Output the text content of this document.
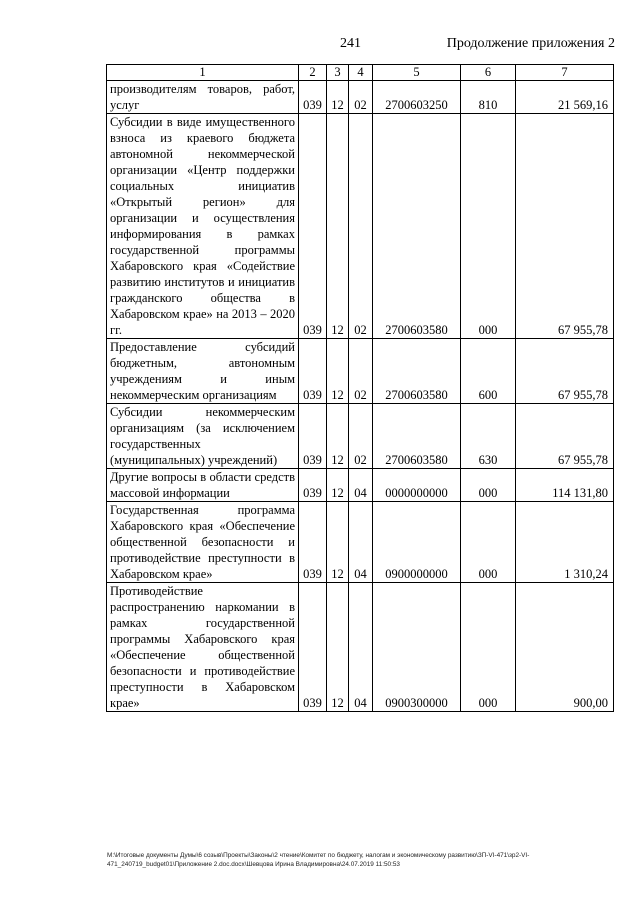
241	Продолжение приложения 2
1	2	3	4	5	6	7
производителям товаров, работ, услуг	039	12	02	2700603250	810	21 569,16
Субсидии в виде имущественного взноса из краевого бюджета автономной некоммерческой организации «Центр поддержки социальных инициатив «Открытый регион» для организации и осуществления информирования в рамках государственной программы Хабаровского края «Содействие развитию институтов и инициатив гражданского общества в Хабаровском крае» на 2013 – 2020 гг.	039	12	02	2700603580	000	67 955,78
Предоставление субсидий бюджетным, автономным учреждениям и иным некоммерческим организациям	039	12	02	2700603580	600	67 955,78
Субсидии некоммерческим организациям (за исключением государственных (муниципальных) учреждений)	039	12	02	2700603580	630	67 955,78
Другие вопросы в области средств массовой информации	039	12	04	0000000000	000	114 131,80
Государственная программа Хабаровского края «Обеспечение общественной безопасности и противодействие преступности в Хабаровском крае»	039	12	04	0900000000	000	1 310,24
Противодействие распространению наркомании в рамках государственной программы Хабаровского края «Обеспечение общественной безопасности и противодействие преступности в Хабаровском крае»	039	12	04	0900300000	000	900,00
М:\Итоговые документы Думы\6 созыв\Проекты\Законы\2 чтение\Комитет по бюджету, налогам и экономическому развитию\ЗП-VI-471\зр2-VI-
471_240719_budget01\Приложение 2.doc.docx\Шевцова Ирина Владимировна\24.07.2019 11:50:53
